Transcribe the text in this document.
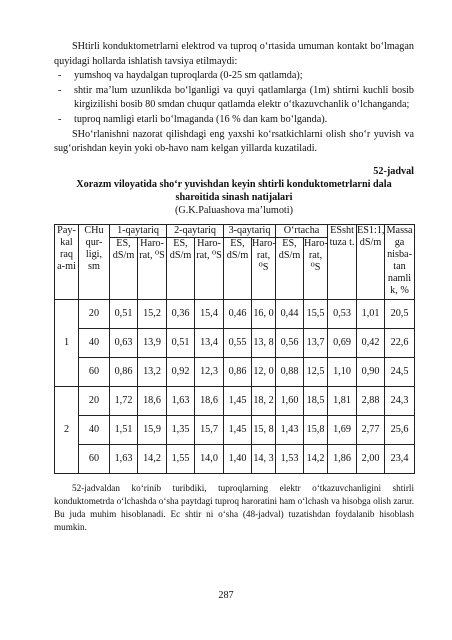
SHtirli konduktometrlarni elektrod va tuproq o‘rtasida umuman kontakt bo‘lmagan quyidagi hollarda ishlatish tavsiya etilmaydi:

- yumshoq va haydalgan tuproqlarda (0-25 sm qatlamda);
- shtir ma’lum uzunlikda bo‘lganligi va quyi qatlamlarga (1m) shtirni kuchli bosib kirgizilishi bosib 80 smdan chuqur qatlamda elektr o‘tkazuvchanlik o‘lchanganda;
- tuproq namligi etarli bo‘lmaganda (16 % dan kam bo‘lganda).

SHo‘rlanishni nazorat qilishdagi eng yaxshi ko‘rsatkichlarni olish sho‘r yuvish va sug‘orishdan keyin yoki ob-havo nam kelgan yillarda kuzatiladi.

52-jadval
Xorazm viloyatida sho‘r yuvishdan keyin shtirli konduktometrlarni dala sharoitida sinash natijalari
(G.K.Paluashova ma’lumoti)
Pay-kal raq a-mi	CHu qur-ligi, sm	1-qaytariq		2-qaytariq		3-qaytariq		O‘rtacha		ESsht tuza t.	ES1:1, dS/m	Massa ga nisba-tan namli k, %
		ES, dS/m	Haro-rat, ⁰S	ES, dS/m	Haro-rat, ⁰S	ES, dS/m	Haro-rat, ⁰S	ES, dS/m	Haro-rat, ⁰S			
1	20	0,51	15,2	0,36	15,4	0,46	16, 0	0,44	15,5	0,53	1,01	20,5
	40	0,63	13,9	0,51	13,4	0,55	13, 8	0,56	13,7	0,69	0,42	22,6
	60	0,86	13,2	0,92	12,3	0,86	12, 0	0,88	12,5	1,10	0,90	24,5
2	20	1,72	18,6	1,63	18,6	1,45	18, 2	1,60	18,5	1,81	2,88	24,3
	40	1,51	15,9	1,35	15,7	1,45	15, 8	1,43	15,8	1,69	2,77	25,6
	60	1,63	14,2	1,55	14,0	1,40	14, 3	1,53	14,2	1,86	2,00	23,4

52-jadvaldan ko‘rinib turibdiki, tuproqlarning elektr o‘tkazuvchanligini shtirli konduktometrda o‘lchashda o‘sha paytdagi tuproq haroratini ham o‘lchash va hisobga olish zarur. Bu juda muhim hisoblanadi. Ec shtir ni o‘sha (48-jadval) tuzatishdan foydalanib hisoblash mumkin.

287
